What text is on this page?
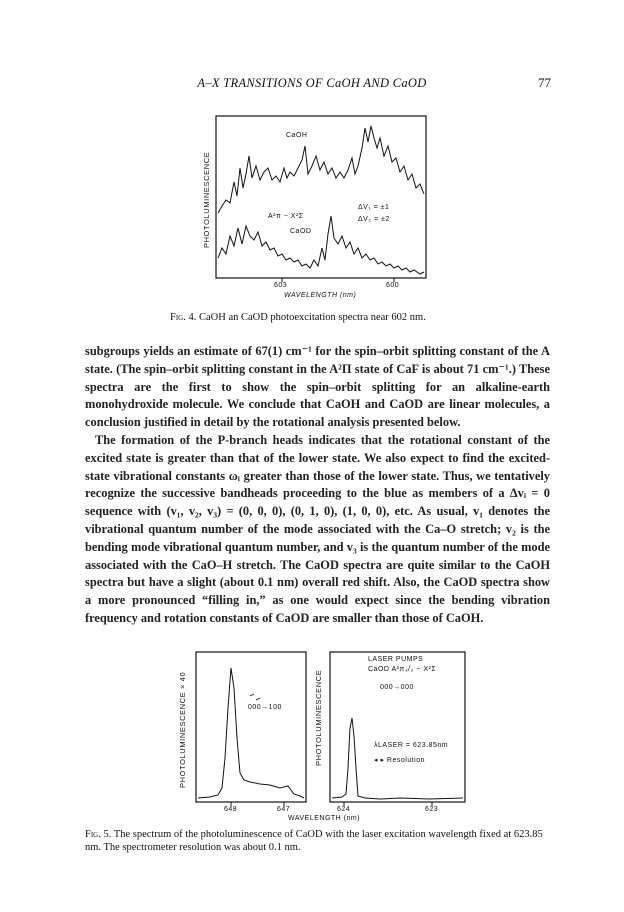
A–X TRANSITIONS OF CaOH AND CaOD	77
PHOTOLUMINESCENCE
CaOH
A²π − X²Σ
CaOD
ΔV₁ = ±1
ΔV₂ = ±2
603	600
WAVELENGTH (nm)
Fig. 4. CaOH an CaOD photoexcitation spectra near 602 nm.

subgroups yields an estimate of 67(1) cm⁻¹ for the spin–orbit splitting constant of the A state. (The spin–orbit splitting constant in the A²Π state of CaF is about 71 cm⁻¹.) These spectra are the first to show the spin–orbit splitting for an alkaline-earth monohydroxide molecule. We conclude that CaOH and CaOD are linear molecules, a conclusion justified in detail by the rotational analysis presented below.

The formation of the P-branch heads indicates that the rotational constant of the excited state is greater than that of the lower state. We also expect to find the excited-state vibrational constants ωᵢ greater than those of the lower state. Thus, we tentatively recognize the successive bandheads proceeding to the blue as members of a Δvᵢ = 0 sequence with (v₁, v₂, v₃) = (0, 0, 0), (0, 1, 0), (1, 0, 0), etc. As usual, v₁ denotes the vibrational quantum number of the mode associated with the Ca–O stretch; v₂ is the bending mode vibrational quantum number, and v₃ is the quantum number of the mode associated with the CaO–H stretch. The CaOD spectra are quite similar to the CaOH spectra but have a slight (about 0.1 nm) overall red shift. Also, the CaOD spectra show a more pronounced “filling in,” as one would expect since the bending vibration frequency and rotation constants of CaOD are smaller than those of CaOH.

PHOTOLUMINESCENCE × 40	000→100
648	647
PHOTOLUMINESCENCE
LASER PUMPS
CaOD A²π₃/₂ − X²Σ
000→000
λLASER = 623.85nm
◂ ▸ Resolution
624	623
WAVELENGTH (nm)
Fig. 5. The spectrum of the photoluminescence of CaOD with the laser excitation wavelength fixed at 623.85 nm. The spectrometer resolution was about 0.1 nm.
